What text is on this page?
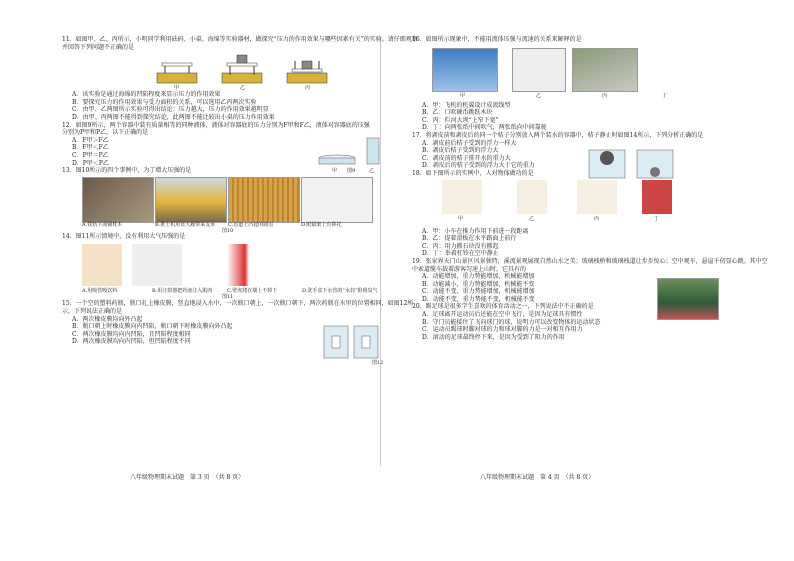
11．如图甲、乙、丙所示，小明同学利用砝码、小桌、海绵等实验器材，做探究“压力的作用效果与哪些因素有关”的实验。请仔细观察并回答下列问题不正确的是

甲	乙	丙

A．该实验是通过海绵的凹陷程度来显示压力的作用效果

B．要探究压力的作用效果与受力面积的关系，可以选用乙丙两次实验

C．由甲、乙两图所示实验可得出结论：压力越大，压力的作用效果越明显

D．由甲、丙两图不能得到探究结论，此两图不能比较出小桌的压力作用效果

12．如图9所示，两个容器中装有质量相等的同种液体，液体对容器底的压力分别为F甲和F乙，液体对容器底的压强分别为P甲和P乙，以下正确的是

A．F甲＞F乙

B．F甲＜F乙

C．P甲＝P乙

D．P甲＜P乙

甲	乙
图9

13．图10所示的四个事例中，为了增大压强的是

A.铁轨下面铺枕木	B.推土机用宽大履带来支承	C.盲道上凸起的圆点	D.眼镜架上有鼻托
图10

14．图11所示情境中，没有利用大气压强的是

A.用吸管吸饮料	B.用注射器把药液注入肌肉	C.壁虎爬在墙上不掉下	D.洗手盆下水管的“水封”阻碍臭气
图11

15．一个空的塑料药瓶，瓶口扎上橡皮膜，竖直地浸入水中，一次瓶口朝上，一次瓶口朝下，两次药瓶在水里的位置相同，如图12所示，下列说法正确的是

A．两次橡皮膜均向外凸起

B．瓶口朝上时橡皮膜向内凹陷，瓶口朝下时橡皮膜向外凸起

C．两次橡皮膜均向内凹陷，且凹陷程度相同

D．两次橡皮膜均向内凹陷，但凹陷程度不同

图12
八年级物理期末试题　第 3 页　（共 8 页）

16．如图所示现象中，不能用流体压强与流速的关系来解释的是

甲	乙	丙	丁

A．甲：飞机的机翼设计成流线型

B．乙：口吹硬币跳跃木块

C．丙：拦河大坝“上窄下宽”

D．丁：向两张纸中间吹气，两张纸向中间靠拢

17．将剥皮前和剥皮后的同一个桔子分别放入两个装水的容器中，桔子静止时如图14所示，下列分析正确的是

A．剥皮前后桔子受到的浮力一样大

B．剥皮后桔子受到的浮力大

C．剥皮前的桔子排开水的重力大

D．剥皮后的桔子受到的浮力大于它的重力

18．如下图所示的实例中，人对物体做功的是

甲	乙	丙	丁

A．甲：小车在推力作用下前进一段距离

B．乙：提着滑板在水平路面上前行

C．丙：用力搬石块没有搬起

D．丁：举着杠铃在空中静止

19．张家界天门山景区风景独特，溪流景观展现自然山水之美；玻璃栈桥和玻璃栈道让步步惊心；空中观车，悬崖千仞显心跳。其中空中索道缆车载着游客匀速上山时，它具有的

A．动能增加，重力势能增加，机械能增加

B．动能减小，重力势能增加，机械能不变

C．动能不变，重力势能增加，机械能增加

D．动能不变，重力势能不变，机械能不变

20．踢足球是很多学生喜欢的体育活动之一，下列说法中不正确的是

A．足球离开运动员后还能在空中飞行，是因为足球具有惯性

B．守门员能接住了飞向球门的球，说明力可以改变物体的运动状态

C．运动员踢球时脚对球的力和球对脚的力是一对相互作用力

D．滚动的足球最终停下来，是因为受到了阻力的作用

八年级物理期末试题　第 4 页　（共 8 页）
